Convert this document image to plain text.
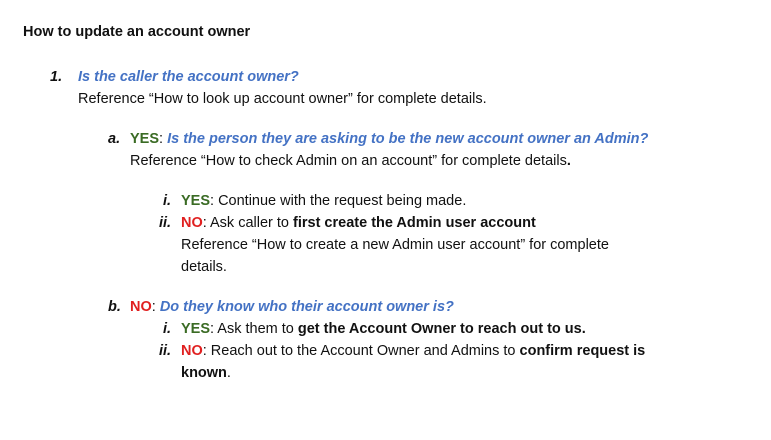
How to update an account owner
1. Is the caller the account owner?
Reference “How to look up account owner” for complete details.
a. YES: Is the person they are asking to be the new account owner an Admin?
Reference “How to check Admin on an account” for complete details.
i. YES: Continue with the request being made.
ii. NO: Ask caller to first create the Admin user account
Reference “How to create a new Admin user account” for complete
details.
b. NO: Do they know who their account owner is?
i. YES: Ask them to get the Account Owner to reach out to us.
ii. NO: Reach out to the Account Owner and Admins to confirm request is
known.
